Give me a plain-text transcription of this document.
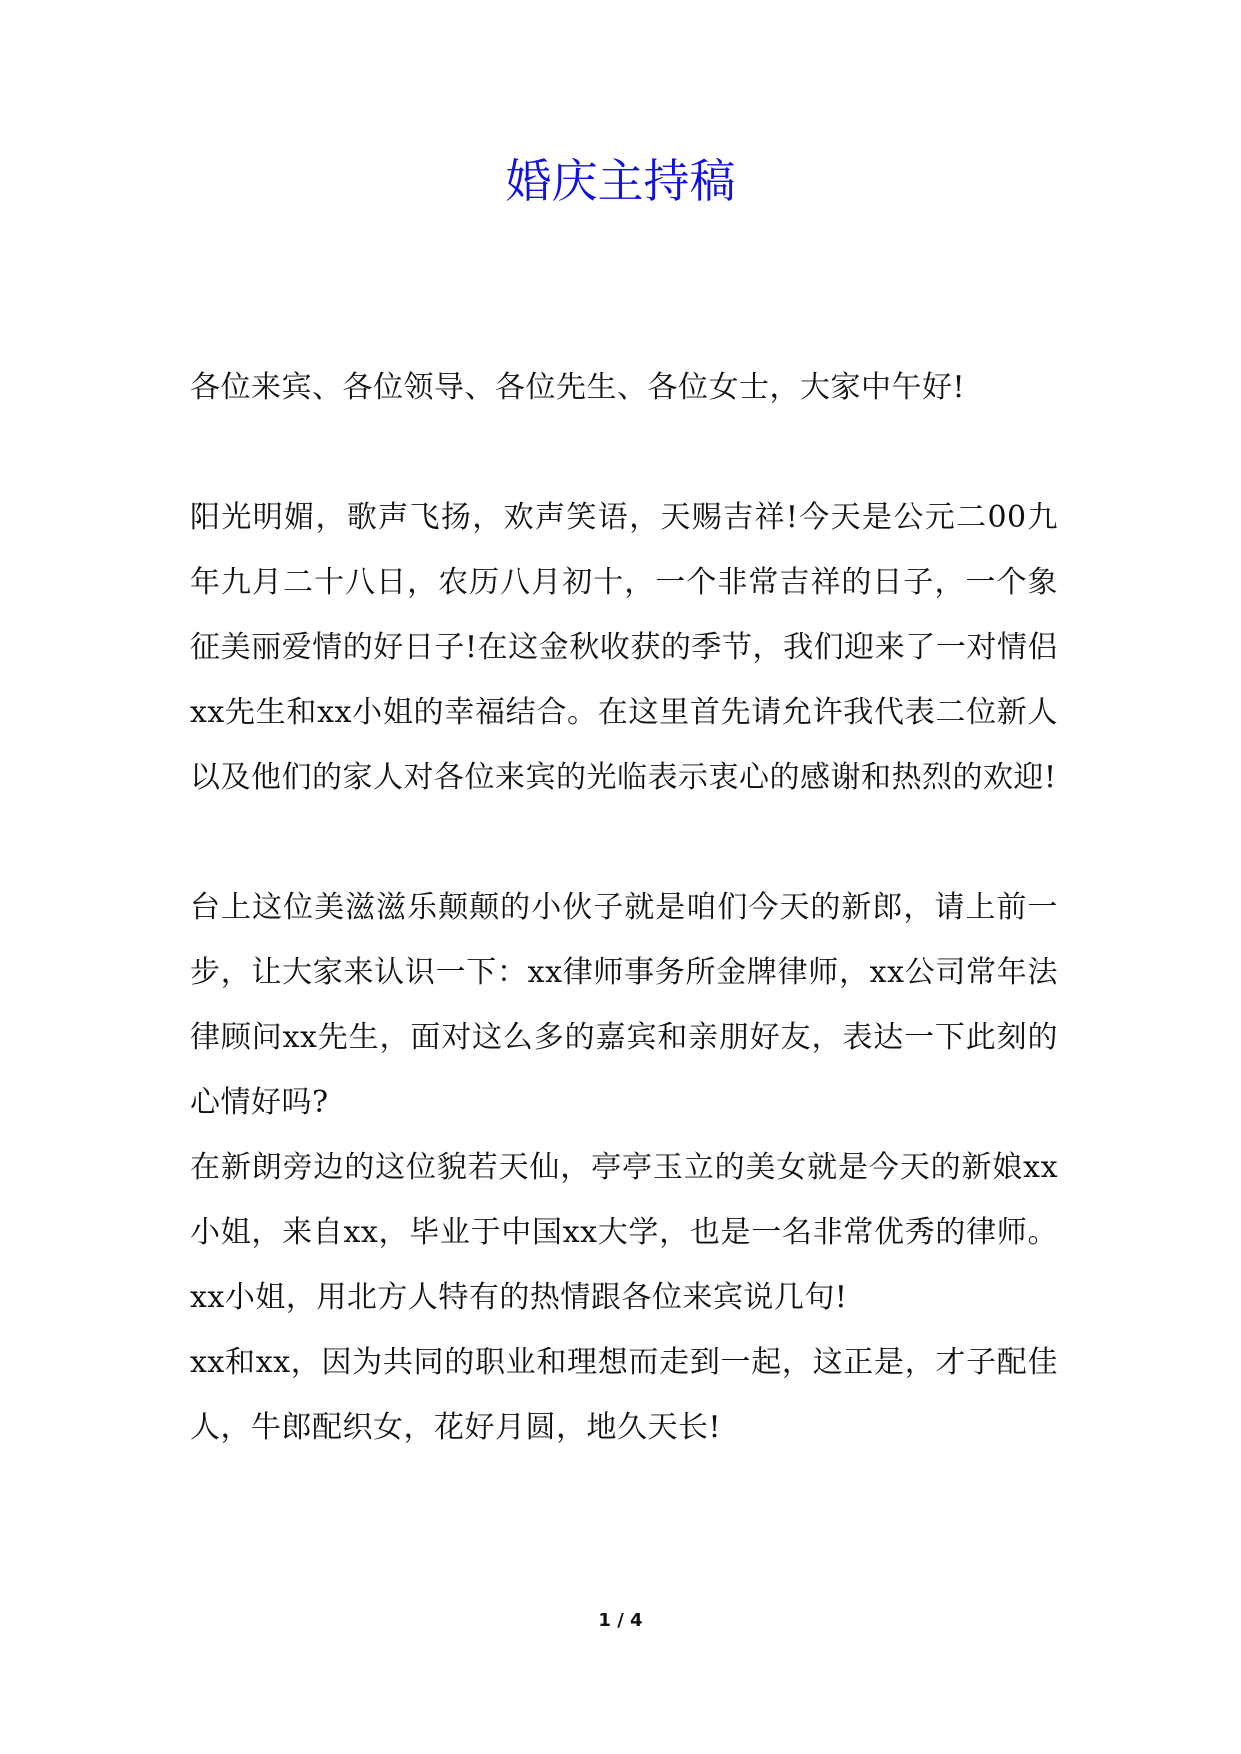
婚庆主持稿

各位来宾、各位领导、各位先生、各位女士，大家中午好!

阳光明媚，歌声飞扬，欢声笑语，天赐吉祥!今天是公元二00九年九月二十八日，农历八月初十，一个非常吉祥的日子，一个象征美丽爱情的好日子!在这金秋收获的季节，我们迎来了一对情侣xx先生和xx小姐的幸福结合。在这里首先请允许我代表二位新人以及他们的家人对各位来宾的光临表示衷心的感谢和热烈的欢迎!

台上这位美滋滋乐颠颠的小伙子就是咱们今天的新郎，请上前一步，让大家来认识一下：xx律师事务所金牌律师，xx公司常年法律顾问xx先生，面对这么多的嘉宾和亲朋好友，表达一下此刻的心情好吗?

在新朗旁边的这位貌若天仙，亭亭玉立的美女就是今天的新娘xx小姐，来自xx，毕业于中国xx大学，也是一名非常优秀的律师。xx小姐，用北方人特有的热情跟各位来宾说几句!

xx和xx，因为共同的职业和理想而走到一起，这正是，才子配佳人，牛郎配织女，花好月圆，地久天长!

1 / 4
